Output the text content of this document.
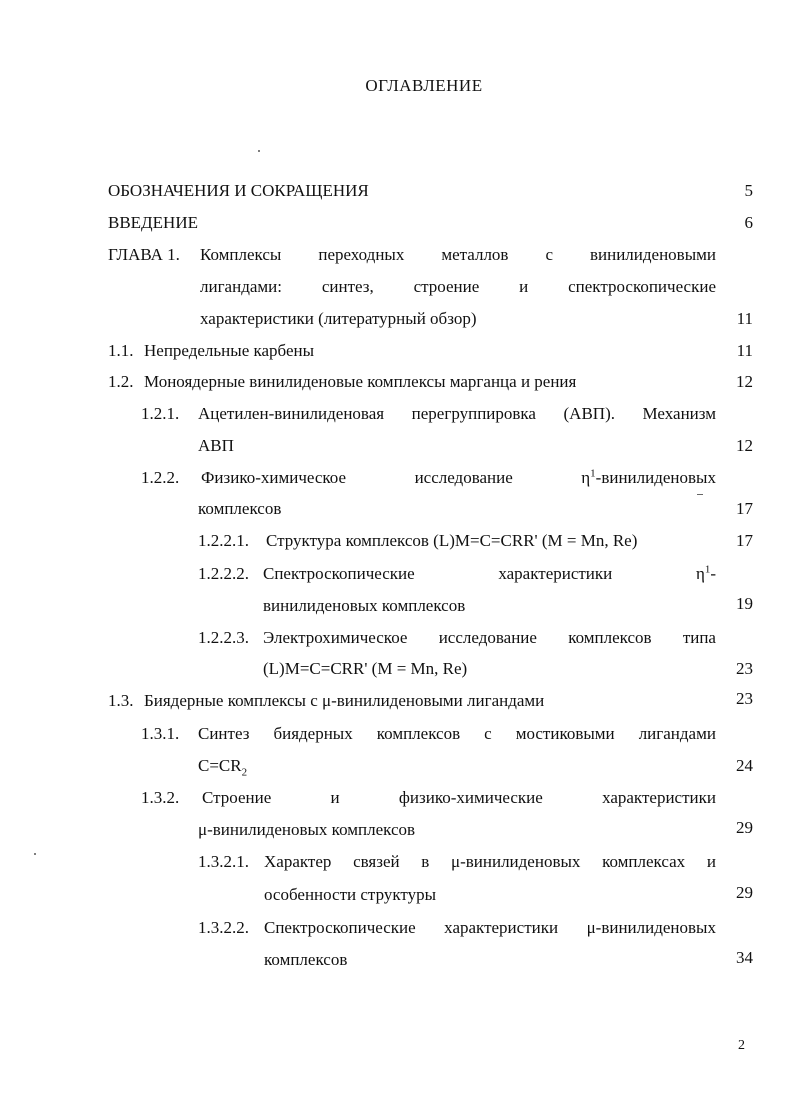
ОГЛАВЛЕНИЕ
ОБОЗНАЧЕНИЯ И СОКРАЩЕНИЯ	5
ВВЕДЕНИЕ	6
ГЛАВА 1. Комплексы переходных металлов с винилиденовыми
лигандами: синтез, строение и спектроскопические
характеристики (литературный обзор)	11
1.1. Непредельные карбены	11
1.2. Моноядерные винилиденовые комплексы марганца и рения	12
1.2.1. Ацетилен-винилиденовая перегруппировка (АВП). Механизм
АВП	12
1.2.2. Физико-химическое	исследование	$\eta^1$-винилиденовых
комплексов	17
1.2.2.1. Структура комплексов (L)M=C=CRR' (M = Mn, Re)	17
1.2.2.2. Спектроскопические	характеристики	$\eta^1-$
винилиденовых комплексов	19
1.2.2.3. Электрохимическое исследование комплексов типа
(L)M=C=CRR' (M = Mn, Re)	23
1.3. Биядерные комплексы с μ-винилиденовыми лигандами	23
1.3.1. Синтез биядерных комплексов с мостиковыми лигандами
$C=CR_2$	24
1.3.2. Строение	и	физико-химические	характеристики
μ-винилиденовых комплексов	29
1.3.2.1. Характер связей в μ-винилиденовых комплексах и
особенности структуры	29
1.3.2.2. Спектроскопические характеристики μ-винилиденовых
комплексов	34
2
